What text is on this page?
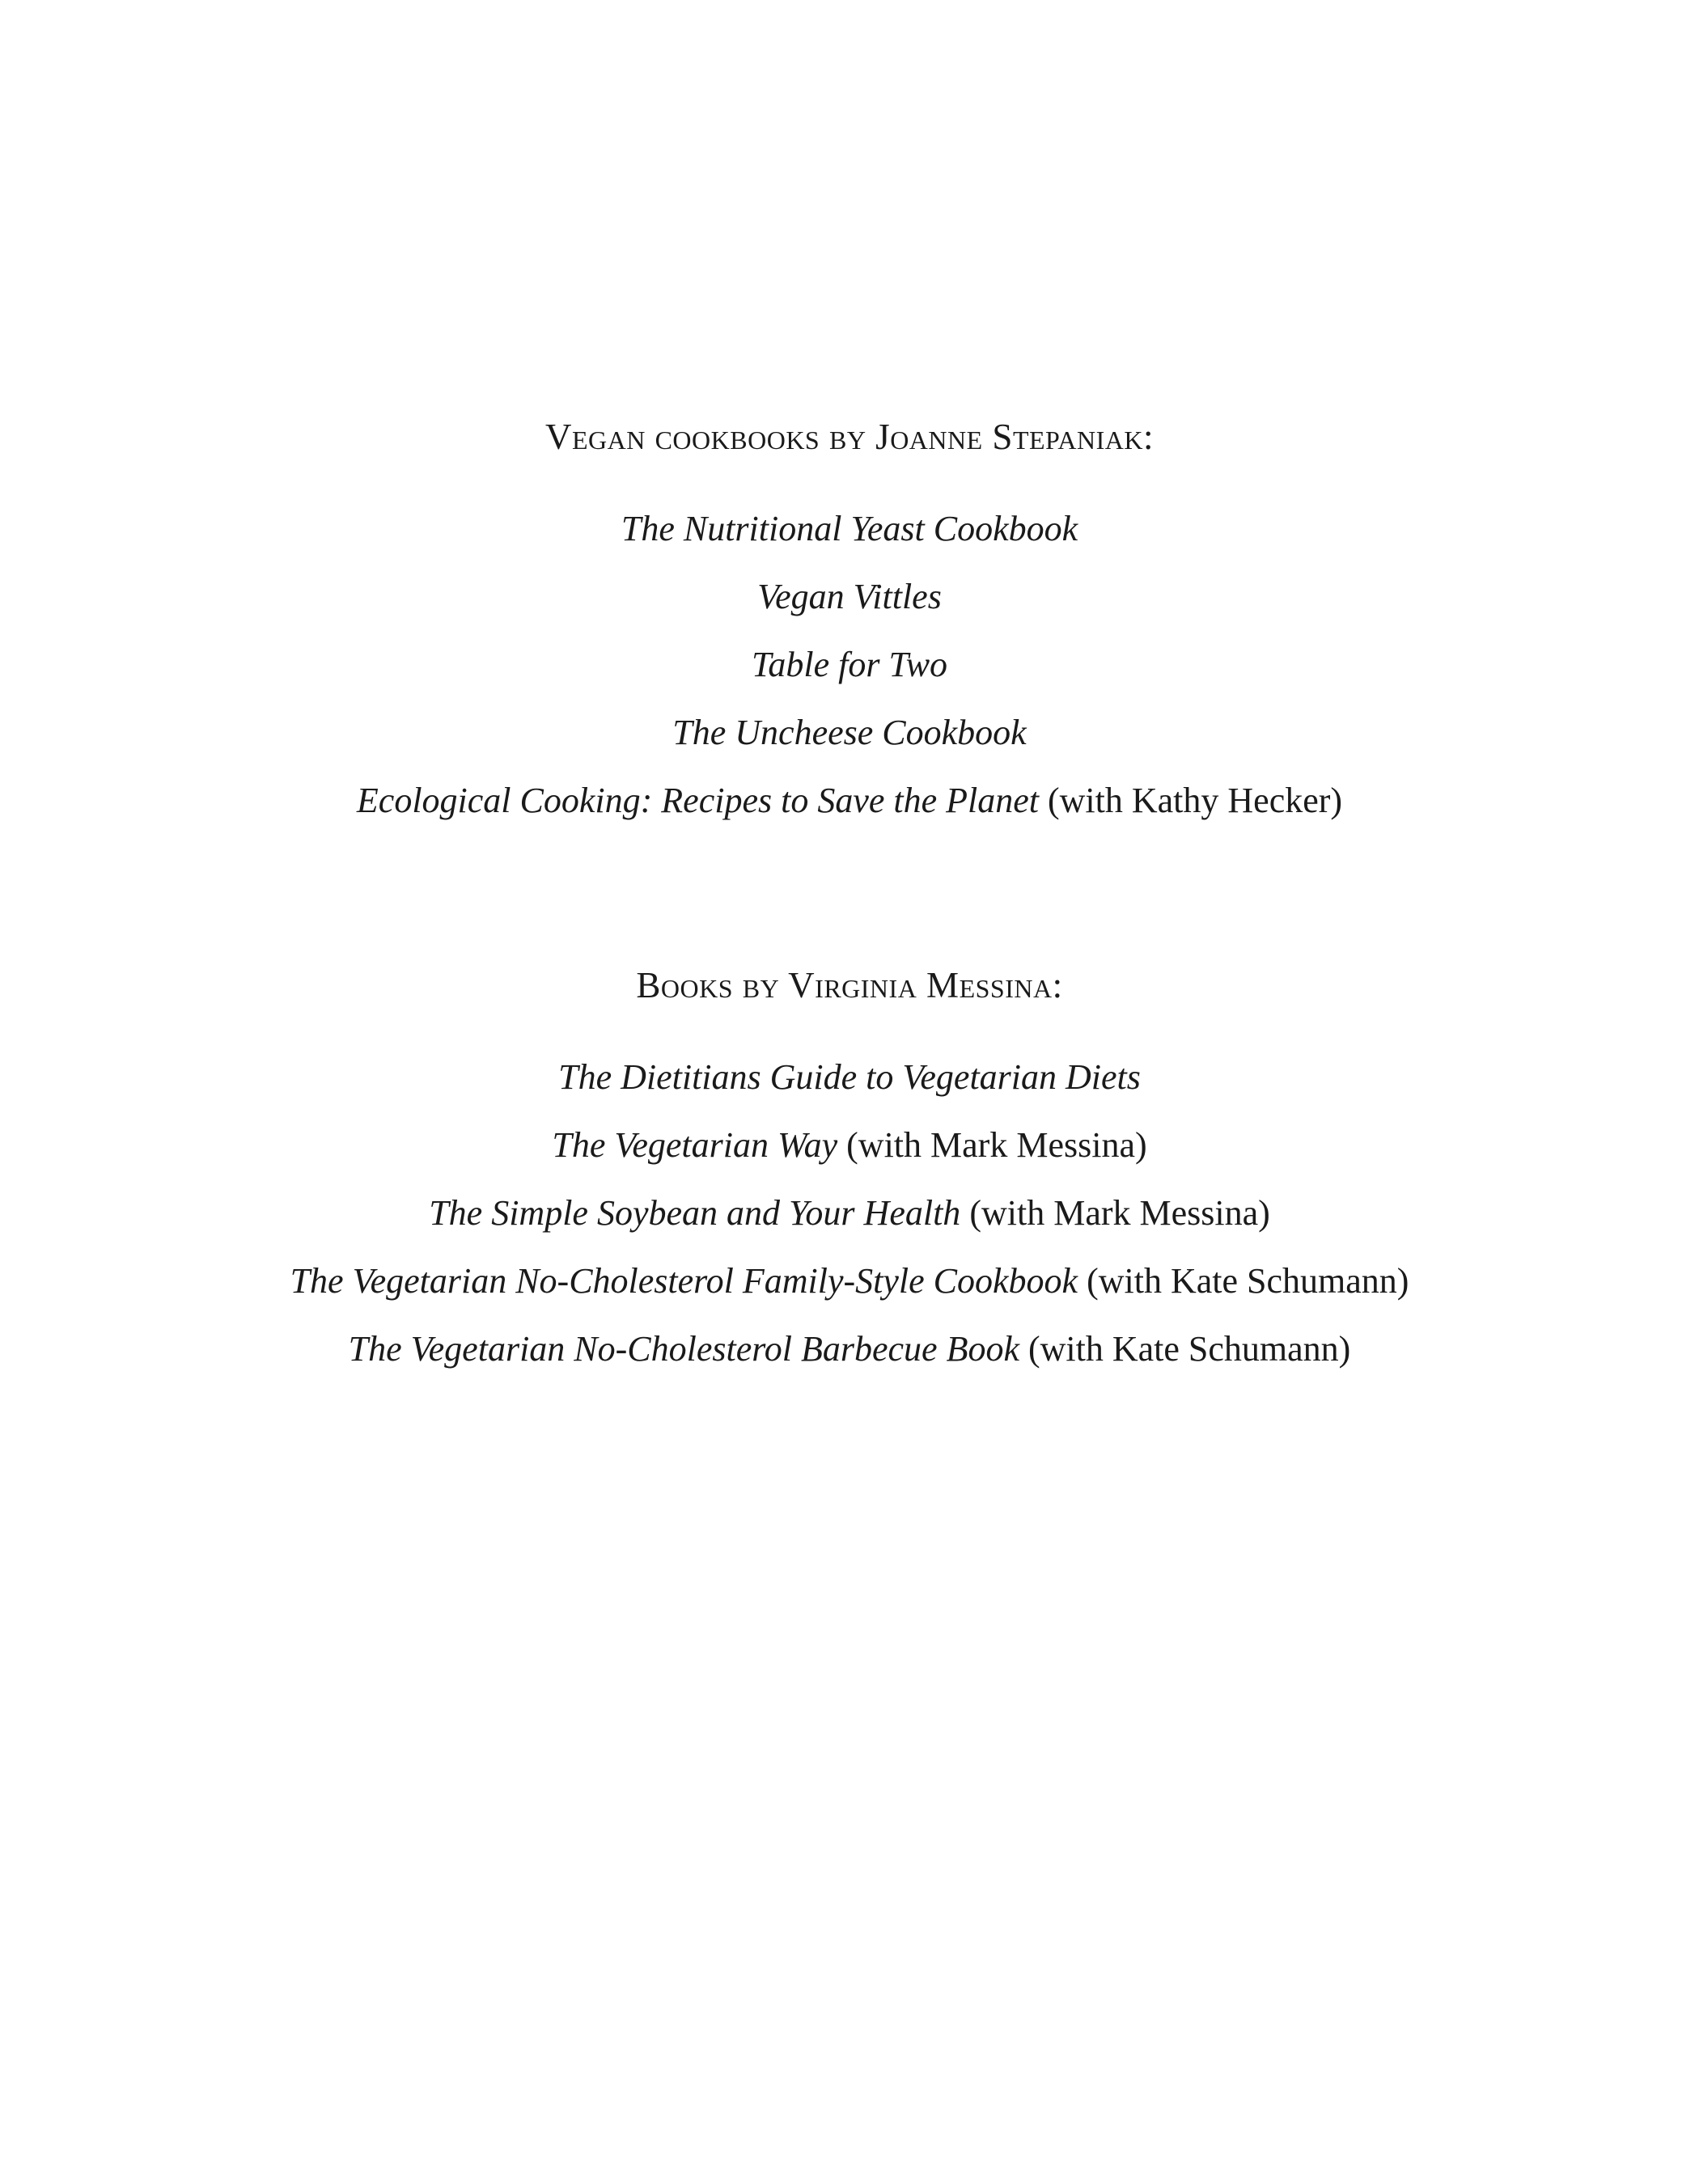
Vegan cookbooks by Joanne Stepaniak:
The Nutritional Yeast Cookbook
Vegan Vittles
Table for Two
The Uncheese Cookbook
Ecological Cooking: Recipes to Save the Planet (with Kathy Hecker)
Books by Virginia Messina:
The Dietitians Guide to Vegetarian Diets
The Vegetarian Way (with Mark Messina)
The Simple Soybean and Your Health (with Mark Messina)
The Vegetarian No-Cholesterol Family-Style Cookbook (with Kate Schumann)
The Vegetarian No-Cholesterol Barbecue Book (with Kate Schumann)
